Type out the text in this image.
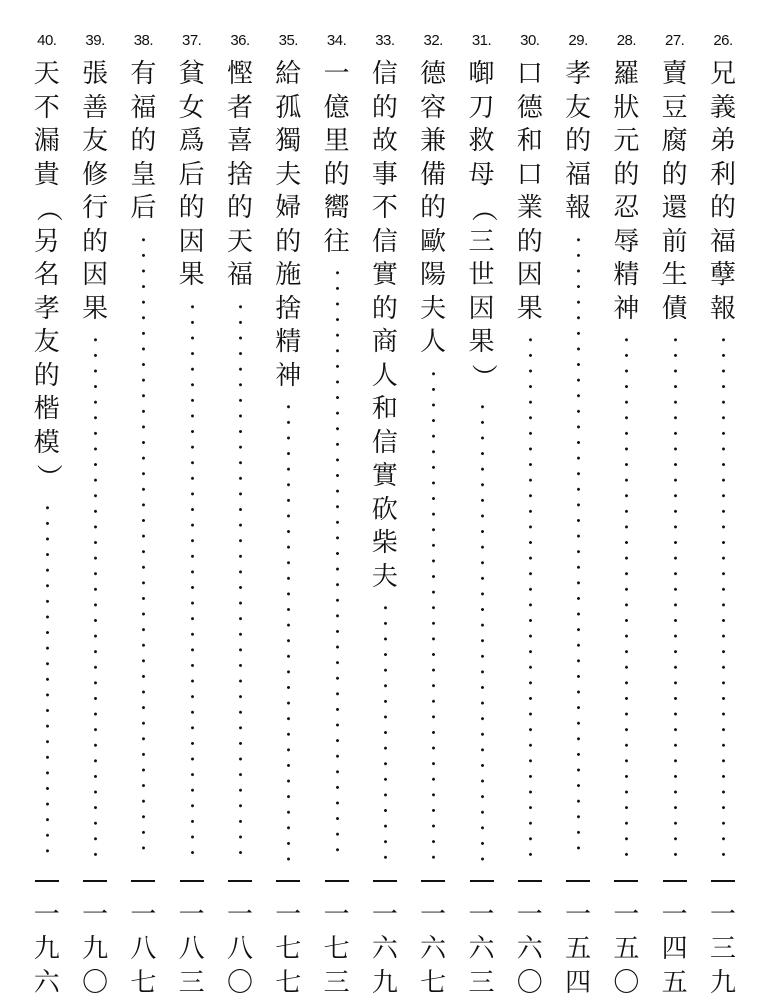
26.
兄
義
弟
利
的
福
孽
報
一
三
九
27.
賣
豆
腐
的
還
前
生
債
一
四
五
28.
羅
狀
元
的
忍
辱
精
神
一
五
〇
29.
孝
友
的
福
報
一
五
四
30.
口
德
和
口
業
的
因
果
一
六
〇
31.
啣
刀
救
母
（
三
世
因
果
）
一
六
三
32.
德
容
兼
備
的
歐
陽
夫
人
一
六
七
33.
信
的
故
事
不
信
實
的
商
人
和
信
實
砍
柴
夫
一
六
九
34.
一
億
里
的
嚮
往
一
七
三
35.
給
孤
獨
夫
婦
的
施
捨
精
神
一
七
七
36.
慳
者
喜
捨
的
天
福
一
八
〇
37.
貧
女
爲
后
的
因
果
一
八
三
38.
有
福
的
皇
后
一
八
七
39.
張
善
友
修
行
的
因
果
一
九
〇
40.
天
不
漏
貴
（
另
名
孝
友
的
楷
模
）
一
九
六
